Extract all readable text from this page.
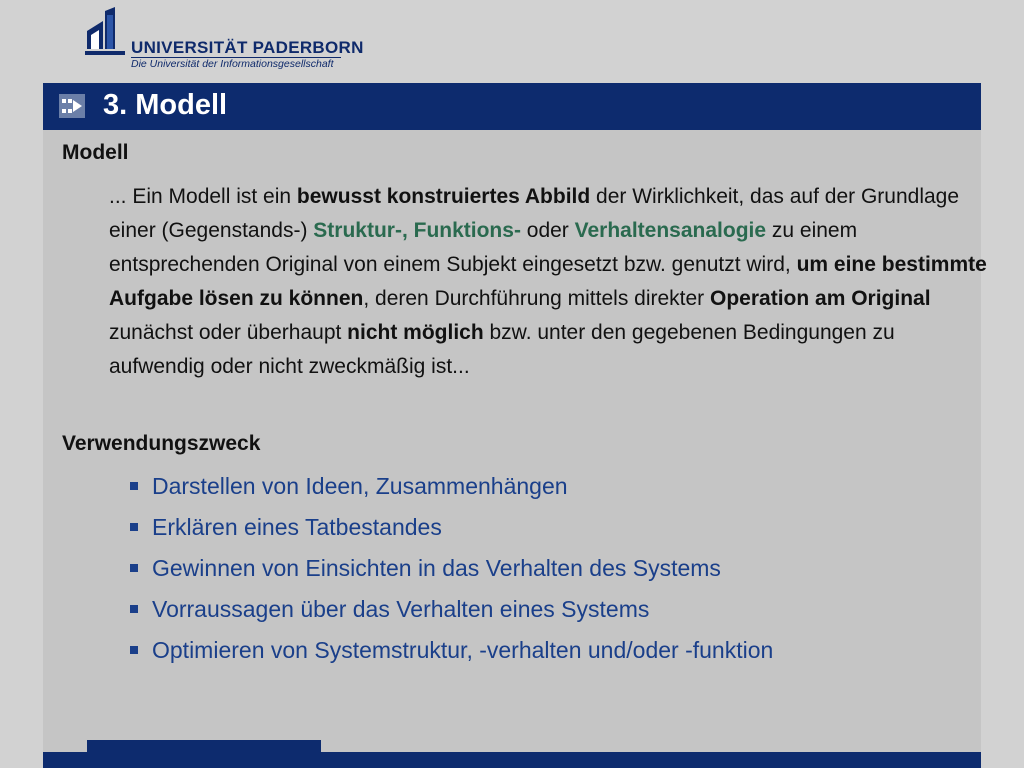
UNIVERSITÄT PADERBORN
Die Universität der Informationsgesellschaft
3. Modell
Modell
... Ein Modell ist ein bewusst konstruiertes Abbild der Wirklichkeit, das auf der Grundlage einer (Gegenstands-) Struktur-, Funktions- oder Verhaltensanalogie zu einem entsprechenden Original von einem Subjekt eingesetzt bzw. genutzt wird, um eine bestimmte Aufgabe lösen zu können, deren Durchführung mittels direkter Operation am Original zunächst oder überhaupt nicht möglich bzw. unter den gegebenen Bedingungen zu aufwendig oder nicht zweckmäßig ist...
Verwendungszweck
Darstellen von Ideen, Zusammenhängen
Erklären eines Tatbestandes
Gewinnen von Einsichten in das Verhalten des Systems
Vorraussagen über das Verhalten eines Systems
Optimieren von Systemstruktur, -verhalten und/oder -funktion
